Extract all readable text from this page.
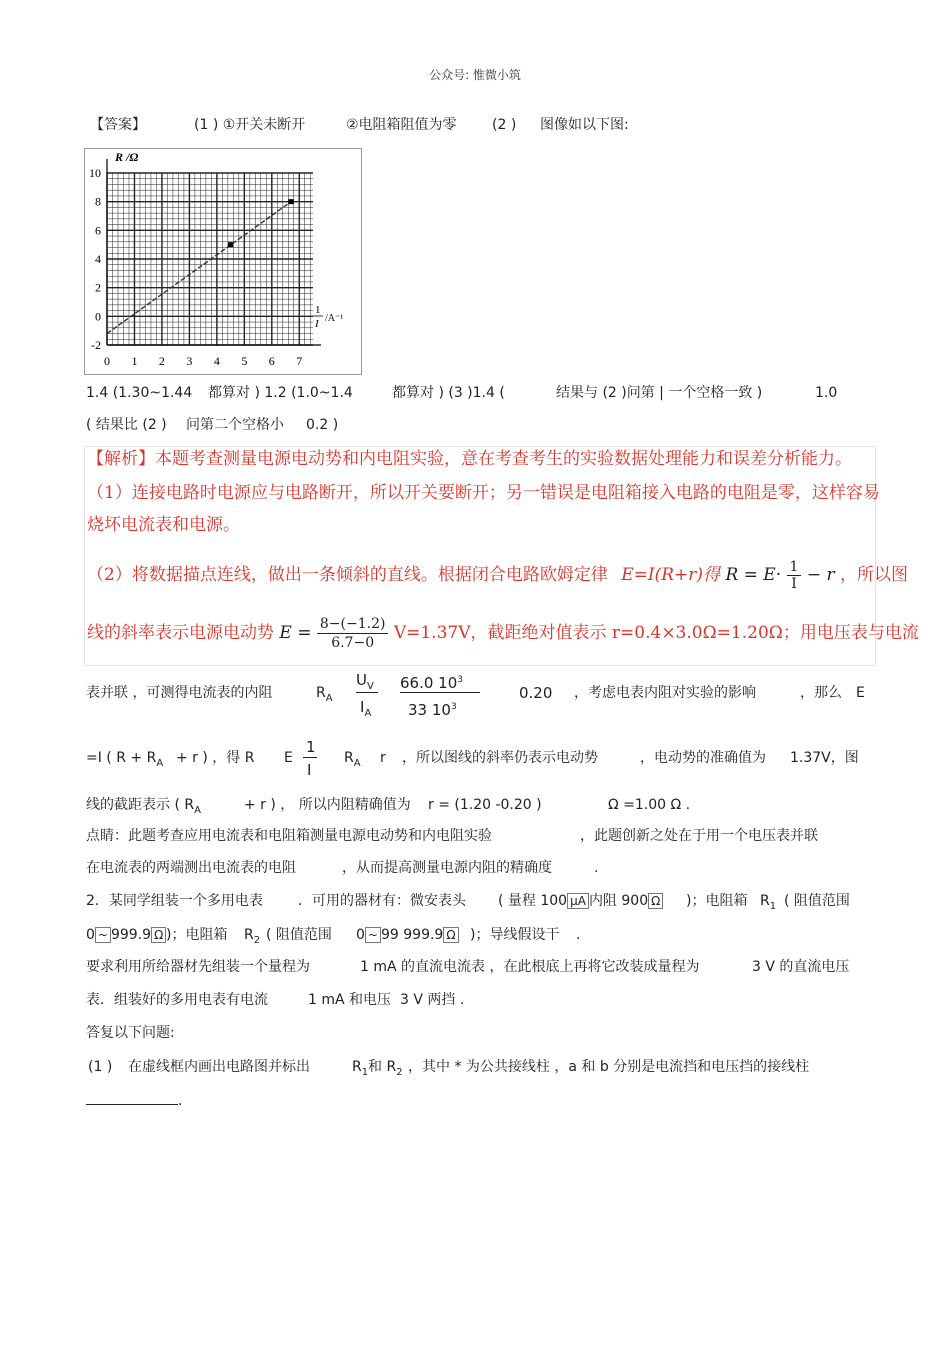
公众号: 惟微小筑
【答案】	(1 ) ①开关未断开	②电阻箱阻值为零	(2 ) 图像如以下图:
0 1 2 3 4 5 6 7
10
8
6
4
2
0
-2
R /Ω
1
I /A⁻¹
1.4 (1.30~1.44 都算对 ) 1.2 (1.0~1.4	都算对 ) (3 )1.4 (	结果与 (2 )问第 | 一个空格一致 )	1.0
( 结果比 (2 ) 问第二个空格小 0.2 )
【解析】本题考查测量电源电动势和内电阻实验，意在考查考生的实验数据处理能力和误差分析能力。
（1）连接电路时电源应与电路断开，所以开关要断开；另一错误是电阻箱接入电路的电阻是零，这样容易
烧坏电流表和电源。
（2）将数据描点连线，做出一条倾斜的直线。根据闭合电路欧姆定律 E=I(R+r)得 $R = E\cdot \frac{1}{I} - r$ ，所以图
线的斜率表示电源电动势 $E = \frac{8-(-1.2)}{6.7-0} V=1.37V$，截距绝对值表示 r=0.4×3.0Ω=1.20Ω；用电压表与电流
表并联 ，可测得电流表的内阻	$R_A$
$U_V$
$I_A$
66.0 $10^3$
33 $10^3$
0.20 ，考虑电表内阻对实验的影响	，那么 E
=I ( $R + R_A + r$ ) ，得 R E
1
I
$R_A$ r ，所以图线的斜率仍表示电动势	，电动势的准确值为 1.37V，图
线的截距表示 ( $R_A$	+ r ) ， 所以内阻精确值为 r = (1.20 -0.20 )	Ω =1.00 Ω .
点睛：此题考查应用电流表和电阻箱测量电源电动势和内电阻实验	，此题创新之处在于用一个电压表并联
在电流表的两端测出电流表的电阻	，从而提高测量电源内阻的精确度	.
2．某同学组装一个多用电表	．可用的器材有：微安表头 ( 量程 100 μA 内阻 900 Ω )；电阻箱 $R_1$ ( 阻值范围
0 ~ 999.9 Ω )；电阻箱 $R_2$ ( 阻值范围 0 ~ 99 999.9 Ω )；导线假设干 .
要求利用所给器材先组装一个量程为	1 mA 的直流电流表 ，在此根底上再将它改装成量程为	3 V 的直流电压
表．组装好的多用电表有电流	1 mA 和电压 3 V 两挡 .
答复以下问题:
(1 ) 在虚线框内画出电路图并标出	$R_1$ 和 $R_2$ ，其中 * 为公共接线柱 ，a 和 b 分别是电流挡和电压挡的接线柱
.
